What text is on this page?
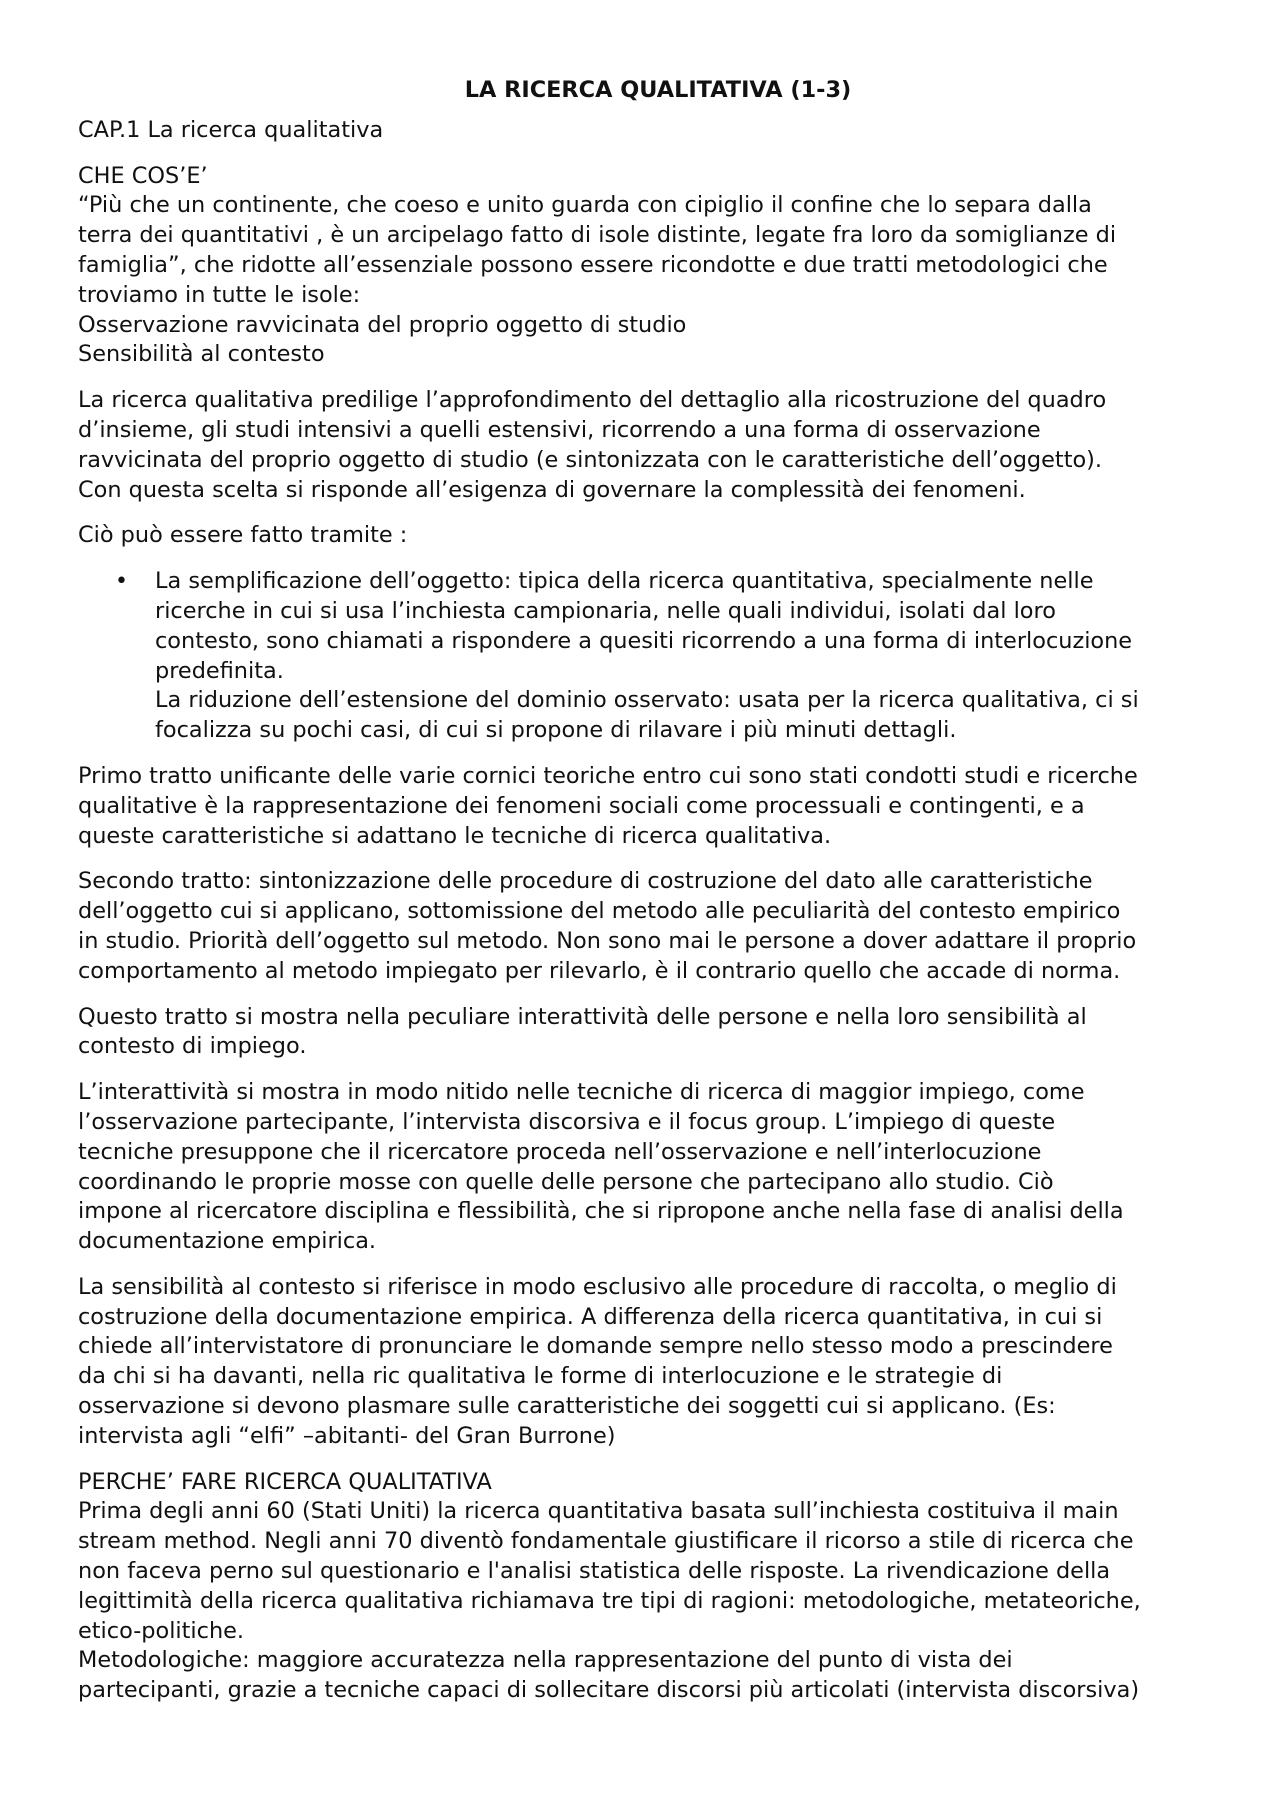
LA RICERCA QUALITATIVA (1-3)

CAP.1 La ricerca qualitativa

CHE COS’E’
“Più che un continente, che coeso e unito guarda con cipiglio il confine che lo separa dalla
terra dei quantitativi , è un arcipelago fatto di isole distinte, legate fra loro da somiglianze di
famiglia”, che ridotte all’essenziale possono essere ricondotte e due tratti metodologici che
troviamo in tutte le isole:
Osservazione ravvicinata del proprio oggetto di studio
Sensibilità al contesto

La ricerca qualitativa predilige l’approfondimento del dettaglio alla ricostruzione del quadro
d’insieme, gli studi intensivi a quelli estensivi, ricorrendo a una forma di osservazione
ravvicinata del proprio oggetto di studio (e sintonizzata con le caratteristiche dell’oggetto).
Con questa scelta si risponde all’esigenza di governare la complessità dei fenomeni.

Ciò può essere fatto tramite :

• La semplificazione dell’oggetto: tipica della ricerca quantitativa, specialmente nelle
ricerche in cui si usa l’inchiesta campionaria, nelle quali individui, isolati dal loro
contesto, sono chiamati a rispondere a quesiti ricorrendo a una forma di interlocuzione
predefinita.
La riduzione dell’estensione del dominio osservato: usata per la ricerca qualitativa, ci si
focalizza su pochi casi, di cui si propone di rilavare i più minuti dettagli.

Primo tratto unificante delle varie cornici teoriche entro cui sono stati condotti studi e ricerche
qualitative è la rappresentazione dei fenomeni sociali come processuali e contingenti, e a
queste caratteristiche si adattano le tecniche di ricerca qualitativa.

Secondo tratto: sintonizzazione delle procedure di costruzione del dato alle caratteristiche
dell’oggetto cui si applicano, sottomissione del metodo alle peculiarità del contesto empirico
in studio. Priorità dell’oggetto sul metodo. Non sono mai le persone a dover adattare il proprio
comportamento al metodo impiegato per rilevarlo, è il contrario quello che accade di norma.

Questo tratto si mostra nella peculiare interattività delle persone e nella loro sensibilità al
contesto di impiego.

L’interattività si mostra in modo nitido nelle tecniche di ricerca di maggior impiego, come
l’osservazione partecipante, l’intervista discorsiva e il focus group. L’impiego di queste
tecniche presuppone che il ricercatore proceda nell’osservazione e nell’interlocuzione
coordinando le proprie mosse con quelle delle persone che partecipano allo studio. Ciò
impone al ricercatore disciplina e flessibilità, che si ripropone anche nella fase di analisi della
documentazione empirica.

La sensibilità al contesto si riferisce in modo esclusivo alle procedure di raccolta, o meglio di
costruzione della documentazione empirica. A differenza della ricerca quantitativa, in cui si
chiede all’intervistatore di pronunciare le domande sempre nello stesso modo a prescindere
da chi si ha davanti, nella ric qualitativa le forme di interlocuzione e le strategie di
osservazione si devono plasmare sulle caratteristiche dei soggetti cui si applicano. (Es:
intervista agli “elfi” –abitanti- del Gran Burrone)

PERCHE’ FARE RICERCA QUALITATIVA
Prima degli anni 60 (Stati Uniti) la ricerca quantitativa basata sull’inchiesta costituiva il main
stream method. Negli anni 70 diventò fondamentale giustificare il ricorso a stile di ricerca che
non faceva perno sul questionario e l'analisi statistica delle risposte. La rivendicazione della
legittimità della ricerca qualitativa richiamava tre tipi di ragioni: metodologiche, metateoriche,
etico-politiche.
Metodologiche: maggiore accuratezza nella rappresentazione del punto di vista dei
partecipanti, grazie a tecniche capaci di sollecitare discorsi più articolati (intervista discorsiva)
